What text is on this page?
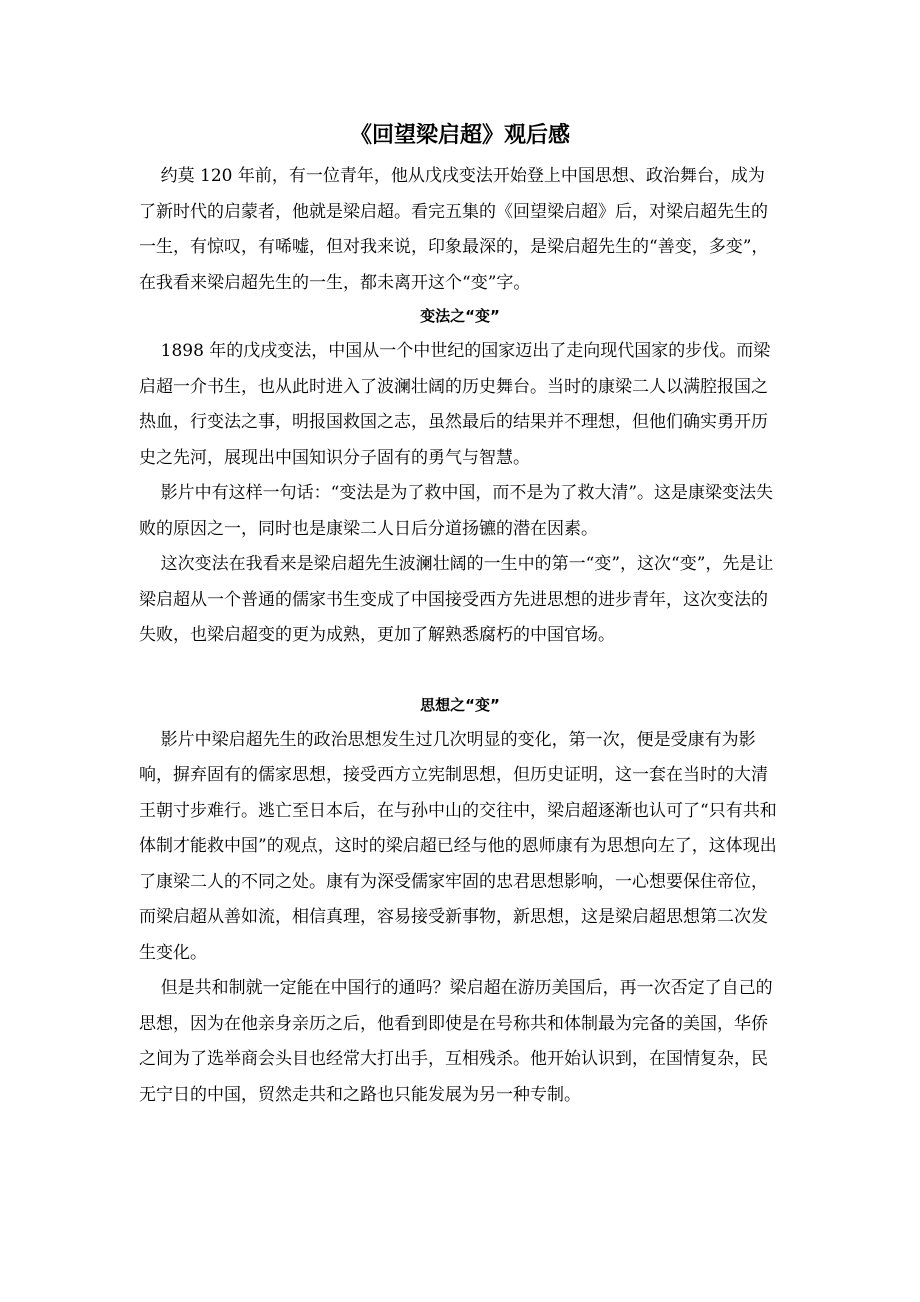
《回望梁启超》观后感

约莫 120 年前，有一位青年，他从戊戌变法开始登上中国思想、政治舞台，成为了新时代的启蒙者，他就是梁启超。看完五集的《回望梁启超》后，对梁启超先生的一生，有惊叹，有唏嘘，但对我来说，印象最深的，是梁启超先生的“善变，多变”，在我看来梁启超先生的一生，都未离开这个“变”字。

变法之“变”

1898 年的戊戌变法，中国从一个中世纪的国家迈出了走向现代国家的步伐。而梁启超一介书生，也从此时进入了波澜壮阔的历史舞台。当时的康梁二人以满腔报国之热血，行变法之事，明报国救国之志，虽然最后的结果并不理想，但他们确实勇开历史之先河，展现出中国知识分子固有的勇气与智慧。

影片中有这样一句话：“变法是为了救中国，而不是为了救大清”。这是康梁变法失败的原因之一，同时也是康梁二人日后分道扬镳的潜在因素。

这次变法在我看来是梁启超先生波澜壮阔的一生中的第一“变”，这次“变”，先是让梁启超从一个普通的儒家书生变成了中国接受西方先进思想的进步青年，这次变法的失败，也梁启超变的更为成熟，更加了解熟悉腐朽的中国官场。

思想之“变”

影片中梁启超先生的政治思想发生过几次明显的变化，第一次，便是受康有为影响，摒弃固有的儒家思想，接受西方立宪制思想，但历史证明，这一套在当时的大清王朝寸步难行。逃亡至日本后，在与孙中山的交往中，梁启超逐渐也认可了“只有共和体制才能救中国”的观点，这时的梁启超已经与他的恩师康有为思想向左了，这体现出了康梁二人的不同之处。康有为深受儒家牢固的忠君思想影响，一心想要保住帝位，而梁启超从善如流，相信真理，容易接受新事物，新思想，这是梁启超思想第二次发生变化。

但是共和制就一定能在中国行的通吗？梁启超在游历美国后，再一次否定了自己的思想，因为在他亲身亲历之后，他看到即使是在号称共和体制最为完备的美国，华侨之间为了选举商会头目也经常大打出手，互相残杀。他开始认识到，在国情复杂，民无宁日的中国，贸然走共和之路也只能发展为另一种专制。
